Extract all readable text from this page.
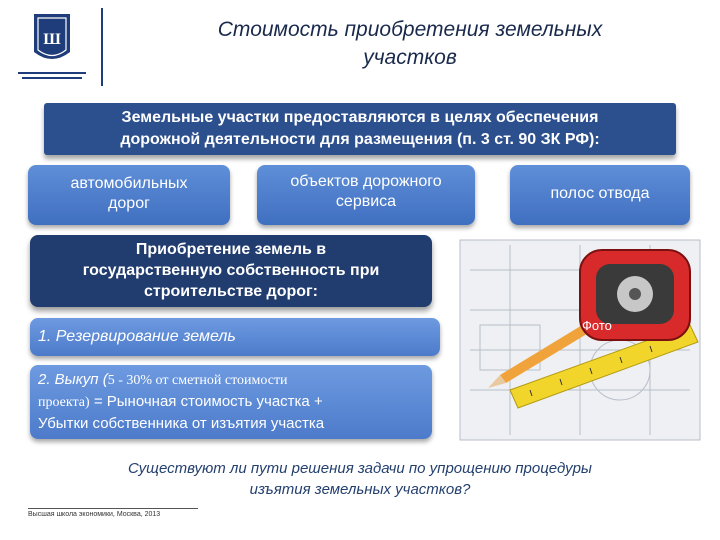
Ш	Стоимость приобретения земельных
участков
Земельные участки предоставляются в целях обеспечения
дорожной деятельности для размещения (п. 3 ст. 90 ЗК РФ):
автомобильных
дорог
объектов дорожного
сервиса	полос отвода
Фото
Приобретение земель в
государственную собственность при
строительстве дорог:
1. Резервирование земель
2. Выкуп (5 - 30% от сметной стоимости
проекта) = Рыночная стоимость участка +
Убытки собственника от изъятия участка
Существуют ли пути решения задачи по упрощению процедуры
изъятия земельных участков?
Высшая школа экономики, Москва, 2013
